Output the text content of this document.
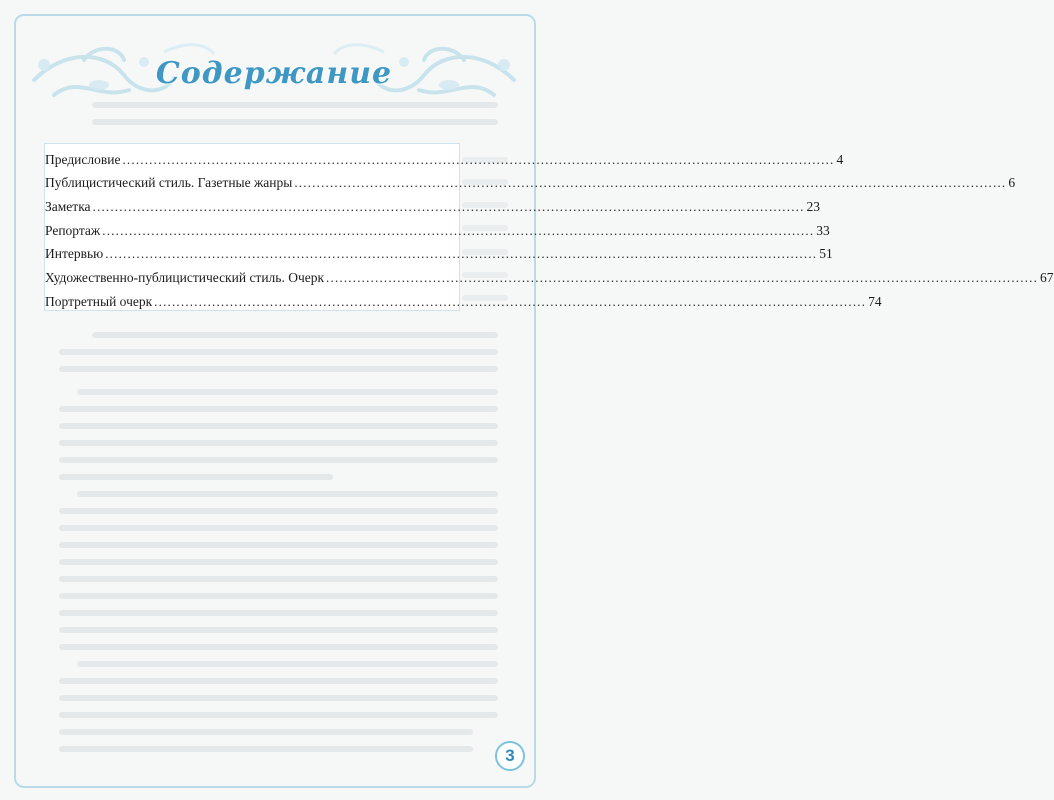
Содержание
Предисловие ................................................................................................................................................................ 4
Публицистический стиль. Газетные жанры ................................................................................................................................................................ 6
Заметка ................................................................................................................................................................ 23
Репортаж ................................................................................................................................................................ 33
Интервью ................................................................................................................................................................ 51
Художественно-публицистический стиль. Очерк ................................................................................................................................................................ 67
Портретный очерк ................................................................................................................................................................ 74
3
